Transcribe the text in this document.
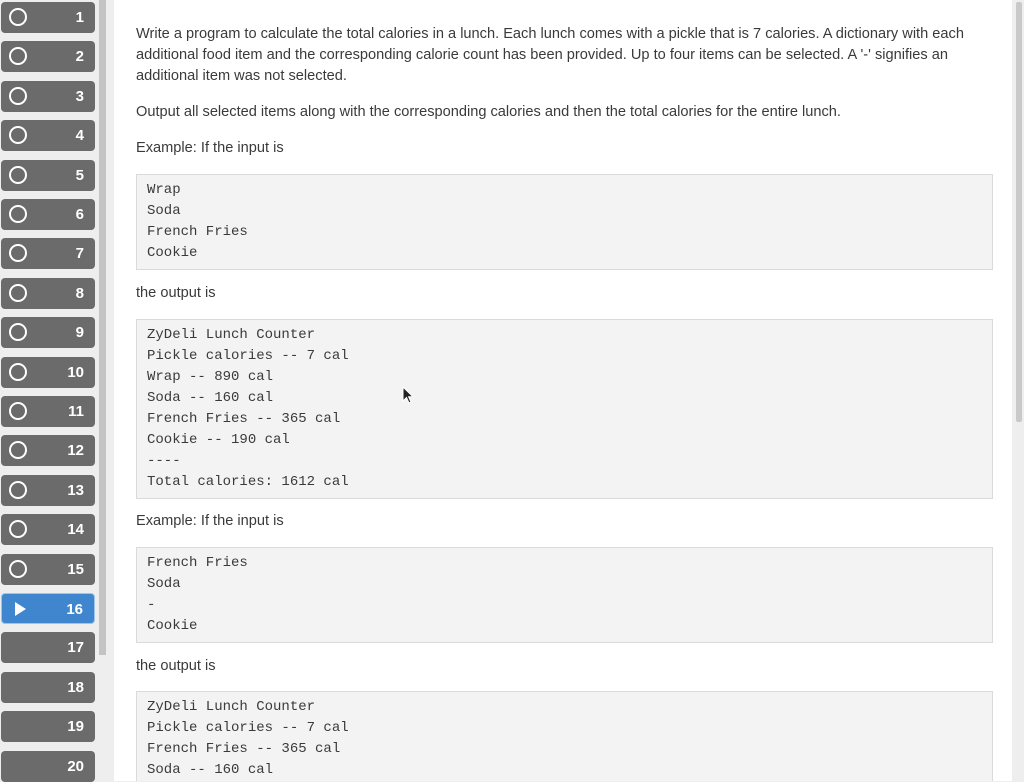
1
2
3
4
5
6
7
8
9
10
11
12
13
14
15
16
17
18
19
20

Write a program to calculate the total calories in a lunch. Each lunch comes with a pickle that is 7 calories. A dictionary with each additional food item and the corresponding calorie count has been provided. Up to four items can be selected. A '-' signifies an additional item was not selected.

Output all selected items along with the corresponding calories and then the total calories for the entire lunch.

Example: If the input is

Wrap
Soda
French Fries
Cookie

the output is

ZyDeli Lunch Counter
Pickle calories -- 7 cal
Wrap -- 890 cal
Soda -- 160 cal
French Fries -- 365 cal
Cookie -- 190 cal
----
Total calories: 1612 cal

Example: If the input is

French Fries
Soda
-
Cookie

the output is

ZyDeli Lunch Counter
Pickle calories -- 7 cal
French Fries -- 365 cal
Soda -- 160 cal
